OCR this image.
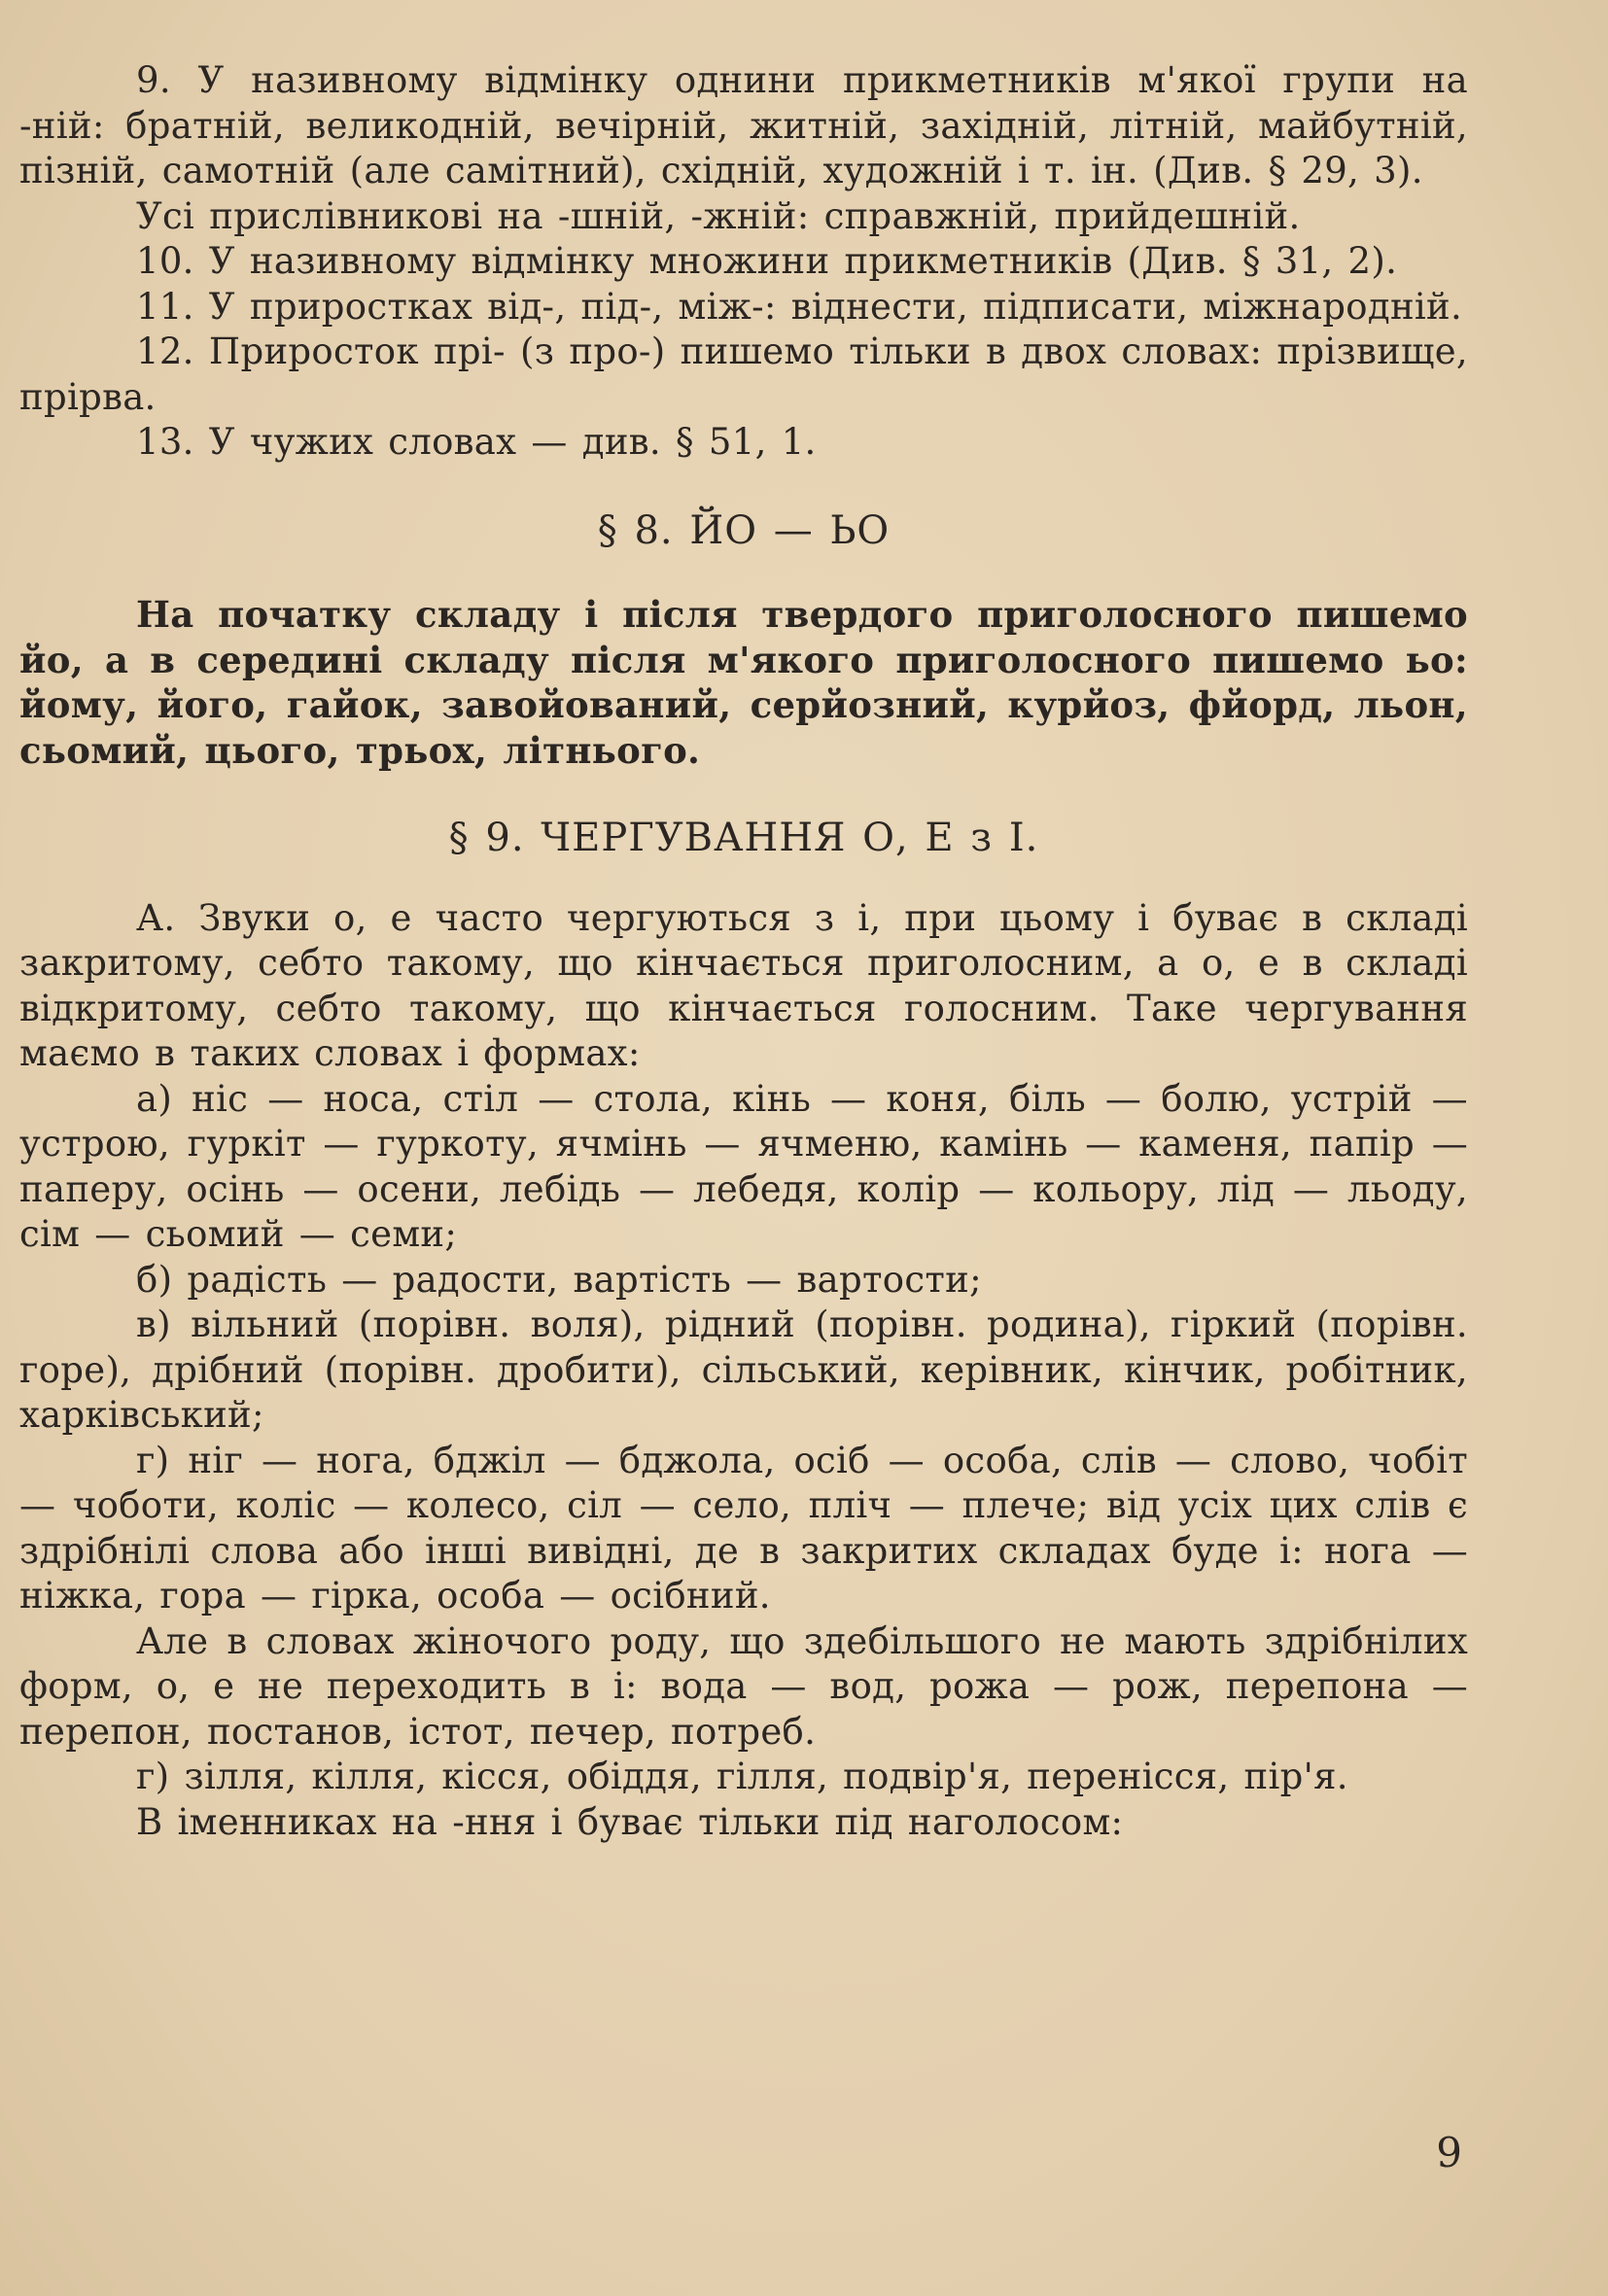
9. У називному відмінку однини прикметників м'якої групи на -ній: братній, великодній, вечірній, житній, західній, літній, майбутній, пізній, самотній (але самітний), східній, художній і т. ін. (Див. § 29, 3).

Усі прислівникові на -шній, -жній: справжній, прийдешній.

10. У називному відмінку множини прикметників (Див. § 31, 2).

11. У приростках від-, під-, між-: віднести, підписати, міжнародній.

12. Приросток прі- (з про-) пишемо тільки в двох словах: прізвище, прірва.

13. У чужих словах — див. § 51, 1.

§ 8. ЙО — ЬО

На початку складу і після твердого приголосного пишемо йо, а в середині складу після м'якого приголосного пишемо ьо: йому, його, гайок, завойований, серйозний, курйоз, фйорд, льон, сьомий, цього, трьох, літнього.

§ 9. ЧЕРГУВАННЯ О, Е з І.

А. Звуки о, е часто чергуються з і, при цьому і буває в складі закритому, себто такому, що кінчається приголосним, а о, е в складі відкритому, себто такому, що кінчається голосним. Таке чергування маємо в таких словах і формах:

а) ніс — носа, стіл — стола, кінь — коня, біль — болю, устрій — устрою, гуркіт — гуркоту, ячмінь — ячменю, камінь — каменя, папір — паперу, осінь — осени, лебідь — лебедя, колір — кольору, лід — льоду, сім — сьомий — семи;

б) радість — радости, вартість — вартости;

в) вільний (порівн. воля), рідний (порівн. родина), гіркий (порівн. горе), дрібний (порівн. дробити), сільський, керівник, кінчик, робітник, харківський;

г) ніг — нога, бджіл — бджола, осіб — особа, слів — слово, чобіт — чоботи, коліс — колесо, сіл — село, пліч — плече; від усіх цих слів є здрібнілі слова або інші вивідні, де в закритих складах буде і: нога — ніжка, гора — гірка, особа — осібний.

Але в словах жіночого роду, що здебільшого не мають здрібнілих форм, о, е не переходить в і: вода — вод, рожа — рож, перепона — перепон, постанов, істот, печер, потреб.

г) зілля, кілля, кісся, обіддя, гілля, подвір'я, перенісся, пір'я.

В іменниках на -ння і буває тільки під наголосом:

9
